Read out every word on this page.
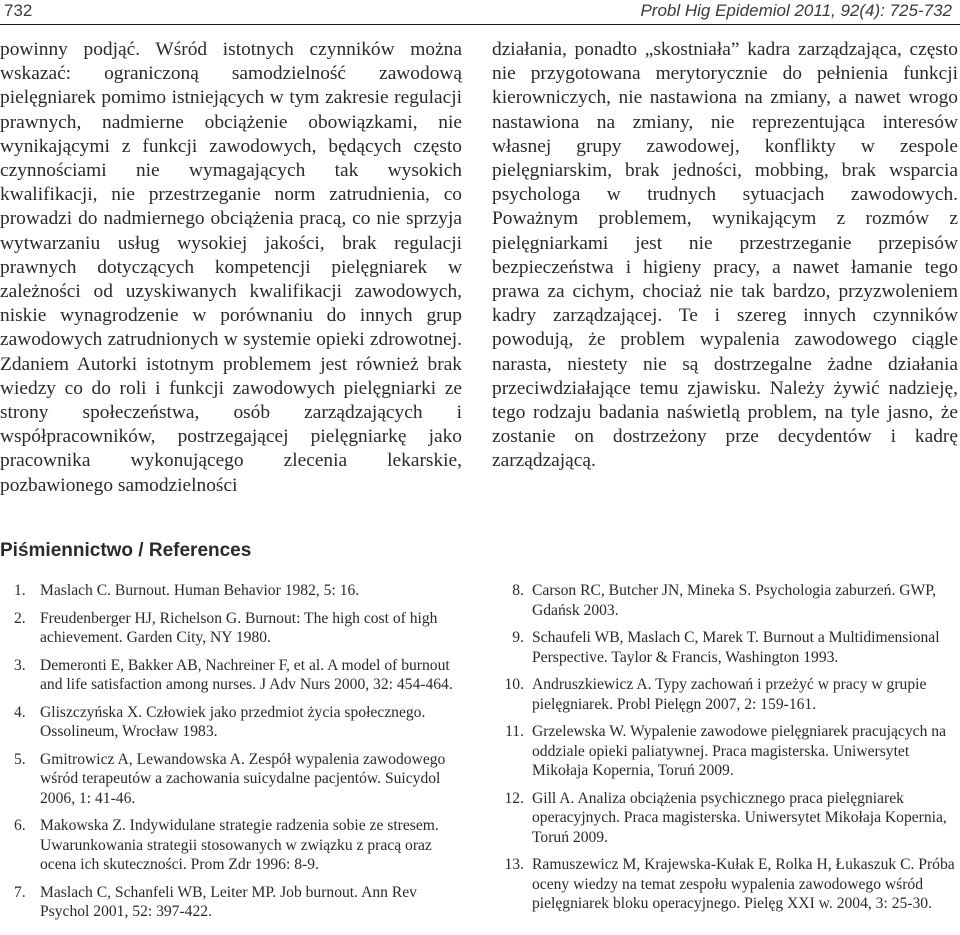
732	Probl Hig Epidemiol 2011, 92(4): 725-732

powinny podjąć. Wśród istotnych czynników można wskazać: ograniczoną samodzielność zawodową pielęgniarek pomimo istniejących w tym zakresie regulacji prawnych, nadmierne obciążenie obowiązkami, nie wynikającymi z funkcji zawodowych, będących często czynnościami nie wymagających tak wysokich kwalifikacji, nie przestrzeganie norm zatrudnienia, co prowadzi do nadmiernego obciążenia pracą, co nie sprzyja wytwarzaniu usług wysokiej jakości, brak regulacji prawnych dotyczących kompetencji pielęgniarek w zależności od uzyskiwanych kwalifikacji zawodowych, niskie wynagrodzenie w porównaniu do innych grup zawodowych zatrudnionych w systemie opieki zdrowotnej. Zdaniem Autorki istotnym problemem jest również brak wiedzy co do roli i funkcji zawodowych pielęgniarki ze strony społeczeństwa, osób zarządzających i współpracowników, postrzegającej pielęgniarkę jako pracownika wykonującego zlecenia lekarskie, pozbawionego samodzielności

działania, ponadto „skostniała” kadra zarządzająca, często nie przygotowana merytorycznie do pełnienia funkcji kierowniczych, nie nastawiona na zmiany, a nawet wrogo nastawiona na zmiany, nie reprezentująca interesów własnej grupy zawodowej, konflikty w zespole pielęgniarskim, brak jedności, mobbing, brak wsparcia psychologa w trudnych sytuacjach zawodowych. Poważnym problemem, wynikającym z rozmów z pielęgniarkami jest nie przestrzeganie przepisów bezpieczeństwa i higieny pracy, a nawet łamanie tego prawa za cichym, chociaż nie tak bardzo, przyzwoleniem kadry zarządzającej. Te i szereg innych czynników powodują, że problem wypalenia zawodowego ciągle narasta, niestety nie są dostrzegalne żadne działania przeciwdziałające temu zjawisku. Należy żywić nadzieję, tego rodzaju badania naświetlą problem, na tyle jasno, że zostanie on dostrzeżony prze decydentów i kadrę zarządzającą.

Piśmiennictwo / References
1. Maslach C. Burnout. Human Behavior 1982, 5: 16.
2. Freudenberger HJ, Richelson G. Burnout: The high cost of high achievement. Garden City, NY 1980.
3. Demeronti E, Bakker AB, Nachreiner F, et al. A model of burnout and life satisfaction among nurses. J Adv Nurs 2000, 32: 454-464.
4. Gliszczyńska X. Człowiek jako przedmiot życia społecznego. Ossolineum, Wrocław 1983.
5. Gmitrowicz A, Lewandowska A. Zespół wypalenia zawodowego wśród terapeutów a zachowania suicydalne pacjentów. Suicydol 2006, 1: 41-46.
6. Makowska Z. Indywidulane strategie radzenia sobie ze stresem. Uwarunkowania strategii stosowanych w związku z pracą oraz ocena ich skuteczności. Prom Zdr 1996: 8-9.
7. Maslach C, Schanfeli WB, Leiter MP. Job burnout. Ann Rev Psychol 2001, 52: 397-422.
8. Carson RC, Butcher JN, Mineka S. Psychologia zaburzeń. GWP, Gdańsk 2003.
9. Schaufeli WB, Maslach C, Marek T. Burnout a Multidimensional Perspective. Taylor & Francis, Washington 1993.
10. Andruszkiewicz A. Typy zachowań i przeżyć w pracy w grupie pielęgniarek. Probl Pielęgn 2007, 2: 159-161.
11. Grzelewska W. Wypalenie zawodowe pielęgniarek pracujących na oddziale opieki paliatywnej. Praca magisterska. Uniwersytet Mikołaja Kopernia, Toruń 2009.
12. Gill A. Analiza obciążenia psychicznego praca pielęgniarek operacyjnych. Praca magisterska. Uniwersytet Mikołaja Kopernia, Toruń 2009.
13. Ramuszewicz M, Krajewska-Kułak E, Rolka H, Łukaszuk C. Próba oceny wiedzy na temat zespołu wypalenia zawodowego wśród pielęgniarek bloku operacyjnego. Pielęg XXI w. 2004, 3: 25-30.
